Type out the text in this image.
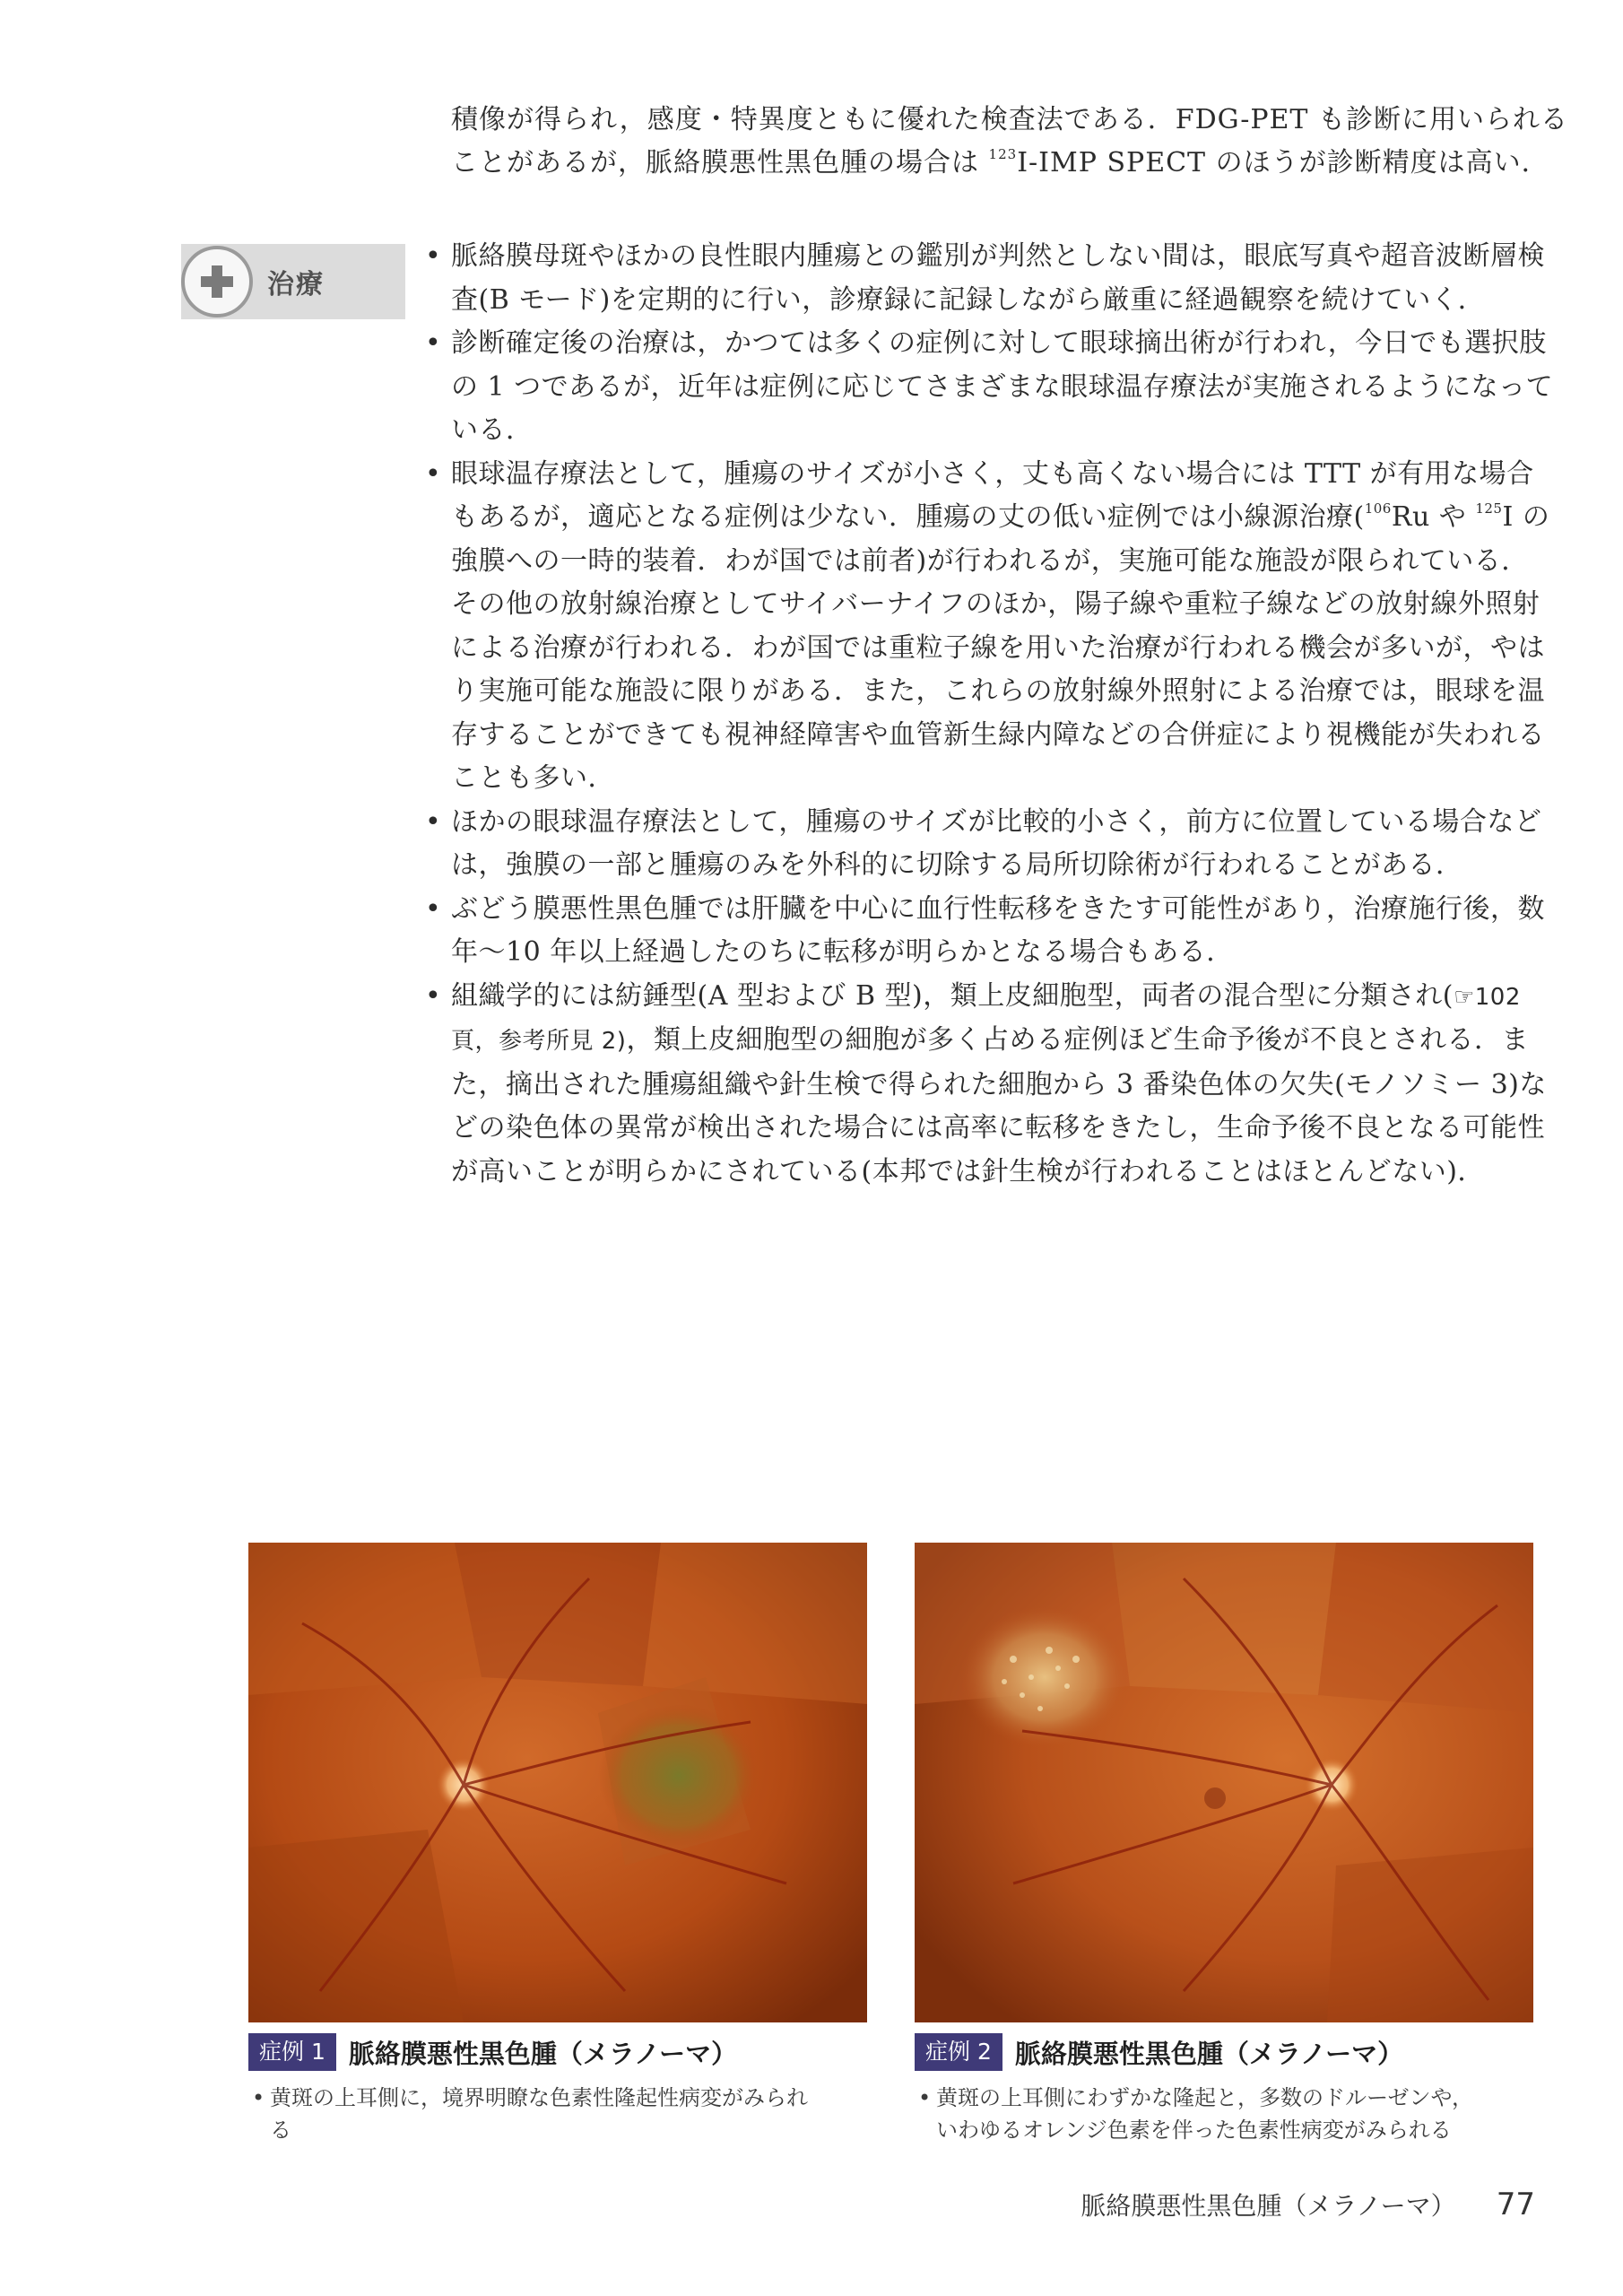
積像が得られ，感度・特異度ともに優れた検査法である．FDG-PET も診断に用いられる

ことがあるが，脈絡膜悪性黒色腫の場合は $^{123}$I-IMP SPECT のほうが診断精度は高い．

治療
• 脈絡膜母斑やほかの良性眼内腫瘍との鑑別が判然としない間は，眼底写真や超音波断層検
査(B モード)を定期的に行い，診療録に記録しながら厳重に経過観察を続けていく．
• 診断確定後の治療は，かつては多くの症例に対して眼球摘出術が行われ，今日でも選択肢
の 1 つであるが，近年は症例に応じてさまざまな眼球温存療法が実施されるようになって
いる．
• 眼球温存療法として，腫瘍のサイズが小さく，丈も高くない場合には TTT が有用な場合
もあるが，適応となる症例は少ない．腫瘍の丈の低い症例では小線源治療($^{106}$Ru や $^{125}$I の
強膜への一時的装着．わが国では前者)が行われるが，実施可能な施設が限られている．
その他の放射線治療としてサイバーナイフのほか，陽子線や重粒子線などの放射線外照射
による治療が行われる．わが国では重粒子線を用いた治療が行われる機会が多いが，やは
り実施可能な施設に限りがある．また，これらの放射線外照射による治療では，眼球を温
存することができても視神経障害や血管新生緑内障などの合併症により視機能が失われる
ことも多い．
• ほかの眼球温存療法として，腫瘍のサイズが比較的小さく，前方に位置している場合など
は，強膜の一部と腫瘍のみを外科的に切除する局所切除術が行われることがある．
• ぶどう膜悪性黒色腫では肝臓を中心に血行性転移をきたす可能性があり，治療施行後，数
年〜10 年以上経過したのちに転移が明らかとなる場合もある．
• 組織学的には紡錘型(A 型および B 型)，類上皮細胞型，両者の混合型に分類され(☞102
頁，参考所見 2)，類上皮細胞型の細胞が多く占める症例ほど生命予後が不良とされる．ま
た，摘出された腫瘍組織や針生検で得られた細胞から 3 番染色体の欠失(モノソミー 3)な
どの染色体の異常が検出された場合には高率に転移をきたし，生命予後不良となる可能性
が高いことが明らかにされている(本邦では針生検が行われることはほとんどない)．
症例 1 脈絡膜悪性黒色腫（メラノーマ）
• 黄斑の上耳側に，境界明瞭な色素性隆起性病変がみられ
る
症例 2 脈絡膜悪性黒色腫（メラノーマ）
• 黄斑の上耳側にわずかな隆起と，多数のドルーゼンや，
いわゆるオレンジ色素を伴った色素性病変がみられる
脈絡膜悪性黒色腫（メラノーマ） 77
